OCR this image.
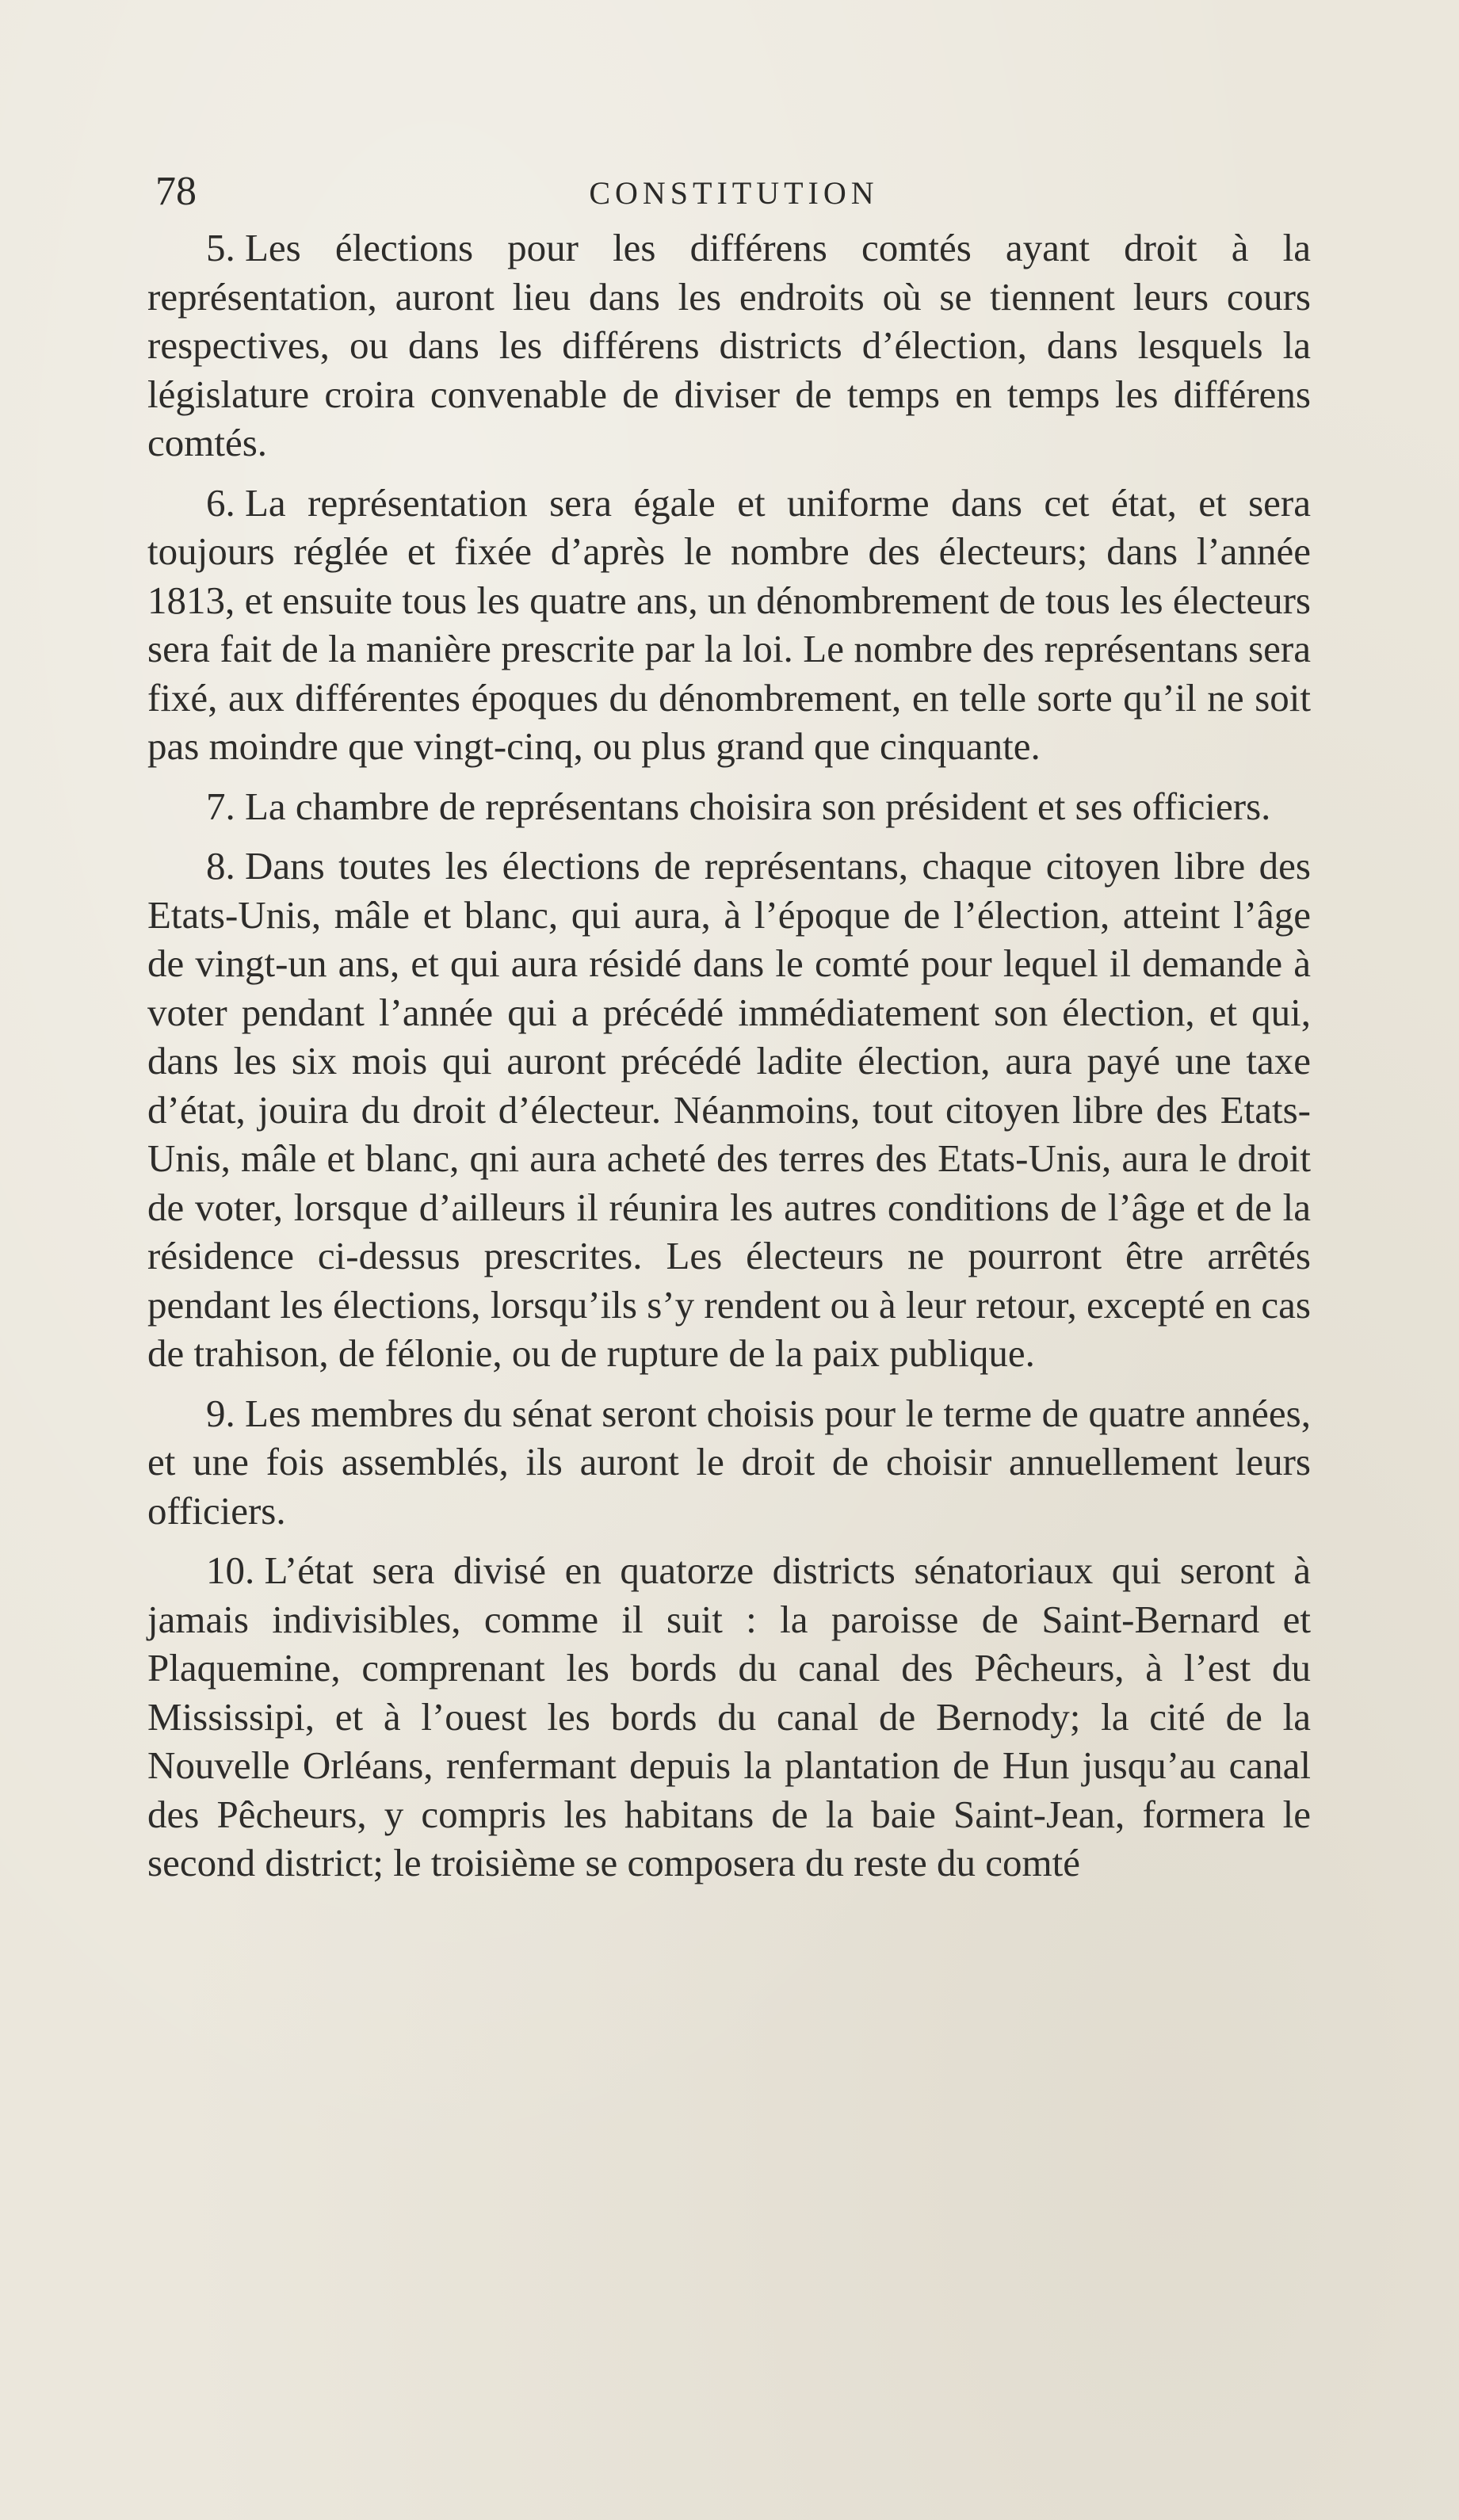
78	CONSTITUTION

5. Les élections pour les différens comtés ayant droit à la représentation, auront lieu dans les endroits où se tiennent leurs cours respectives, ou dans les différens districts d’élection, dans lesquels la législature croira convenable de diviser de temps en temps les différens comtés.

6. La représentation sera égale et uniforme dans cet état, et sera toujours réglée et fixée d’après le nombre des électeurs; dans l’année 1813, et ensuite tous les quatre ans, un dénombrement de tous les électeurs sera fait de la manière prescrite par la loi. Le nombre des représentans sera fixé, aux différentes époques du dénombrement, en telle sorte qu’il ne soit pas moindre que vingt-cinq, ou plus grand que cinquante.

7. La chambre de représentans choisira son président et ses officiers.

8. Dans toutes les élections de représentans, chaque citoyen libre des Etats-Unis, mâle et blanc, qui aura, à l’époque de l’élection, atteint l’âge de vingt-un ans, et qui aura résidé dans le comté pour lequel il demande à voter pendant l’année qui a précédé immédiatement son élection, et qui, dans les six mois qui auront précédé ladite élection, aura payé une taxe d’état, jouira du droit d’électeur. Néanmoins, tout citoyen libre des Etats-Unis, mâle et blanc, qni aura acheté des terres des Etats-Unis, aura le droit de voter, lorsque d’ailleurs il réunira les autres conditions de l’âge et de la résidence ci-dessus prescrites. Les électeurs ne pourront être arrêtés pendant les élections, lorsqu’ils s’y rendent ou à leur retour, excepté en cas de trahison, de félonie, ou de rupture de la paix publique.

9. Les membres du sénat seront choisis pour le terme de quatre années, et une fois assemblés, ils auront le droit de choisir annuellement leurs officiers.

10. L’état sera divisé en quatorze districts sénatoriaux qui seront à jamais indivisibles, comme il suit : la paroisse de Saint-Bernard et Plaquemine, comprenant les bords du canal des Pêcheurs, à l’est du Mississipi, et à l’ouest les bords du canal de Bernody; la cité de la Nouvelle Orléans, renfermant depuis la plantation de Hun jusqu’au canal des Pêcheurs, y compris les habitans de la baie Saint-Jean, formera le second district; le troisième se composera du reste du comté
